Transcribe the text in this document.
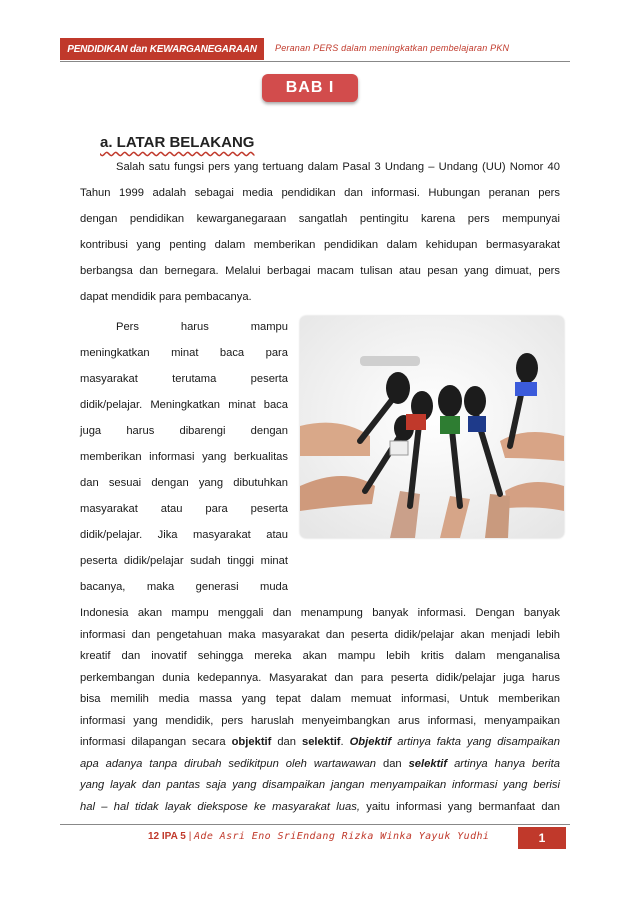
PENDIDIKAN dan KEWARGANEGARAAN Peranan PERS dalam meningkatkan pembelajaran PKN
BAB I
a. LATAR BELAKANG
Salah satu fungsi pers yang tertuang dalam Pasal 3 Undang – Undang (UU) Nomor 40
Tahun 1999 adalah sebagai media pendidikan dan informasi. Hubungan peranan pers
dengan pendidikan kewarganegaraan sangatlah pentingitu karena pers mempunyai
kontribusi yang penting dalam memberikan pendidikan dalam kehidupan bermasyarakat
berbangsa dan bernegara. Melalui berbagai macam tulisan atau pesan yang dimuat, pers
dapat mendidik para pembacanya.
Pers harus mampu
meningkatkan minat baca para
masyarakat terutama peserta
didik/pelajar. Meningkatkan minat baca
juga harus dibarengi dengan
memberikan informasi yang berkualitas
dan sesuai dengan yang dibutuhkan
masyarakat atau para peserta
didik/pelajar. Jika masyarakat atau
peserta didik/pelajar sudah tinggi minat
bacanya, maka generasi muda
Indonesia akan mampu menggali dan menampung banyak informasi. Dengan banyak
informasi dan pengetahuan maka masyarakat dan peserta didik/pelajar akan menjadi lebih
kreatif dan inovatif sehingga mereka akan mampu lebih kritis dalam menganalisa
perkembangan dunia kedepannya. Masyarakat dan para peserta didik/pelajar juga harus
bisa memilih media massa yang tepat dalam memuat informasi, Untuk memberikan
informasi yang mendidik, pers haruslah menyeimbangkan arus informasi, menyampaikan
informasi dilapangan secara objektif dan selektif. Objektif artinya fakta yang disampaikan
apa adanya tanpa dirubah sedikitpun oleh wartawawan dan selektif artinya hanya berita
12 IPA 5 | Ade Asri Eno SriEndang Rizka Winka Yayuk Yudhi	1
yang layak dan pantas saja yang disampaikan jangan menyampaikan informasi yang berisi
hal – hal tidak layak diekspose ke masyarakat luas, yaitu informasi yang bermanfaat dan
